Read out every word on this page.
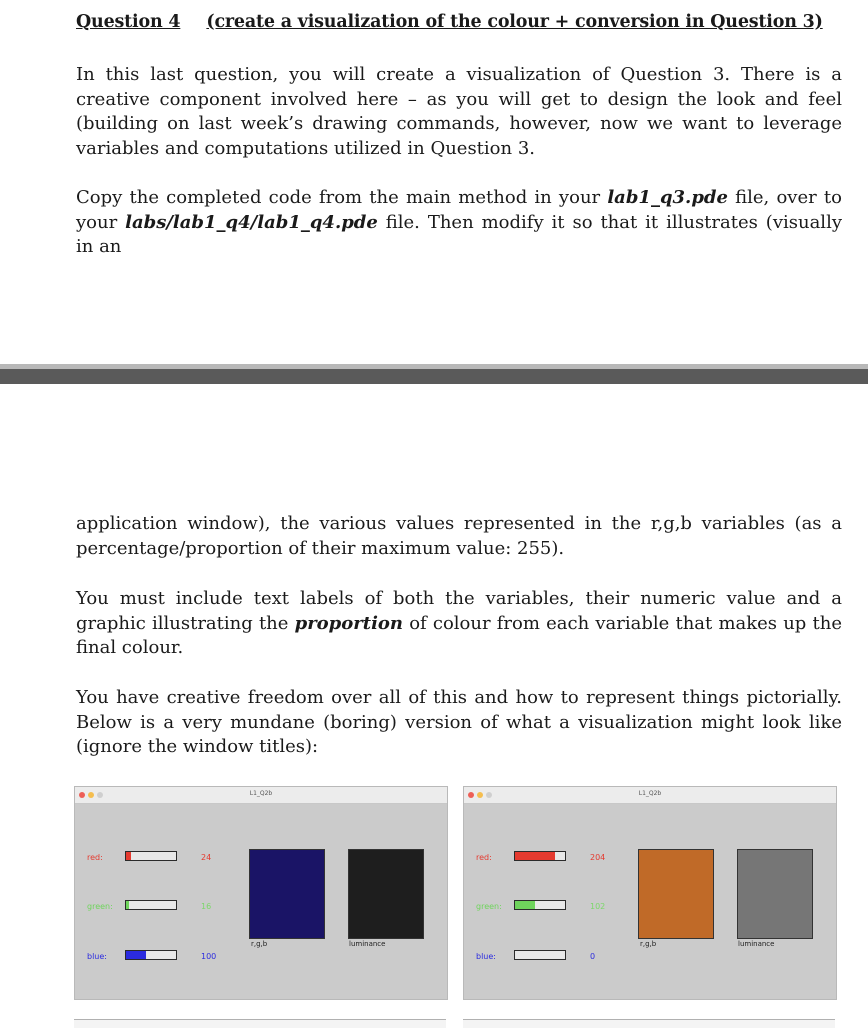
Question 4 (create a visualization of the colour + conversion in Question 3)

In this last question, you will create a visualization of Question 3. There is a creative component involved here – as you will get to design the look and feel (building on last week’s drawing commands, however, now we want to leverage variables and computations utilized in Question 3.

Copy the completed code from the main method in your lab1_q3.pde file, over to your labs/lab1_q4/lab1_q4.pde file. Then modify it so that it illustrates (visually in an

application window), the various values represented in the r,g,b variables (as a percentage/proportion of their maximum value: 255).

You must include text labels of both the variables, their numeric value and a graphic illustrating the proportion of colour from each variable that makes up the final colour.

You have creative freedom over all of this and how to represent things pictorially. Below is a very mundane (boring) version of what a visualization might look like (ignore the window titles):

L1_Q2b
red:	24
green:	16
blue:	100
r,g,b	luminance
L1_Q2b
red:	204
green:	102
blue:	0
r,g,b	luminance
